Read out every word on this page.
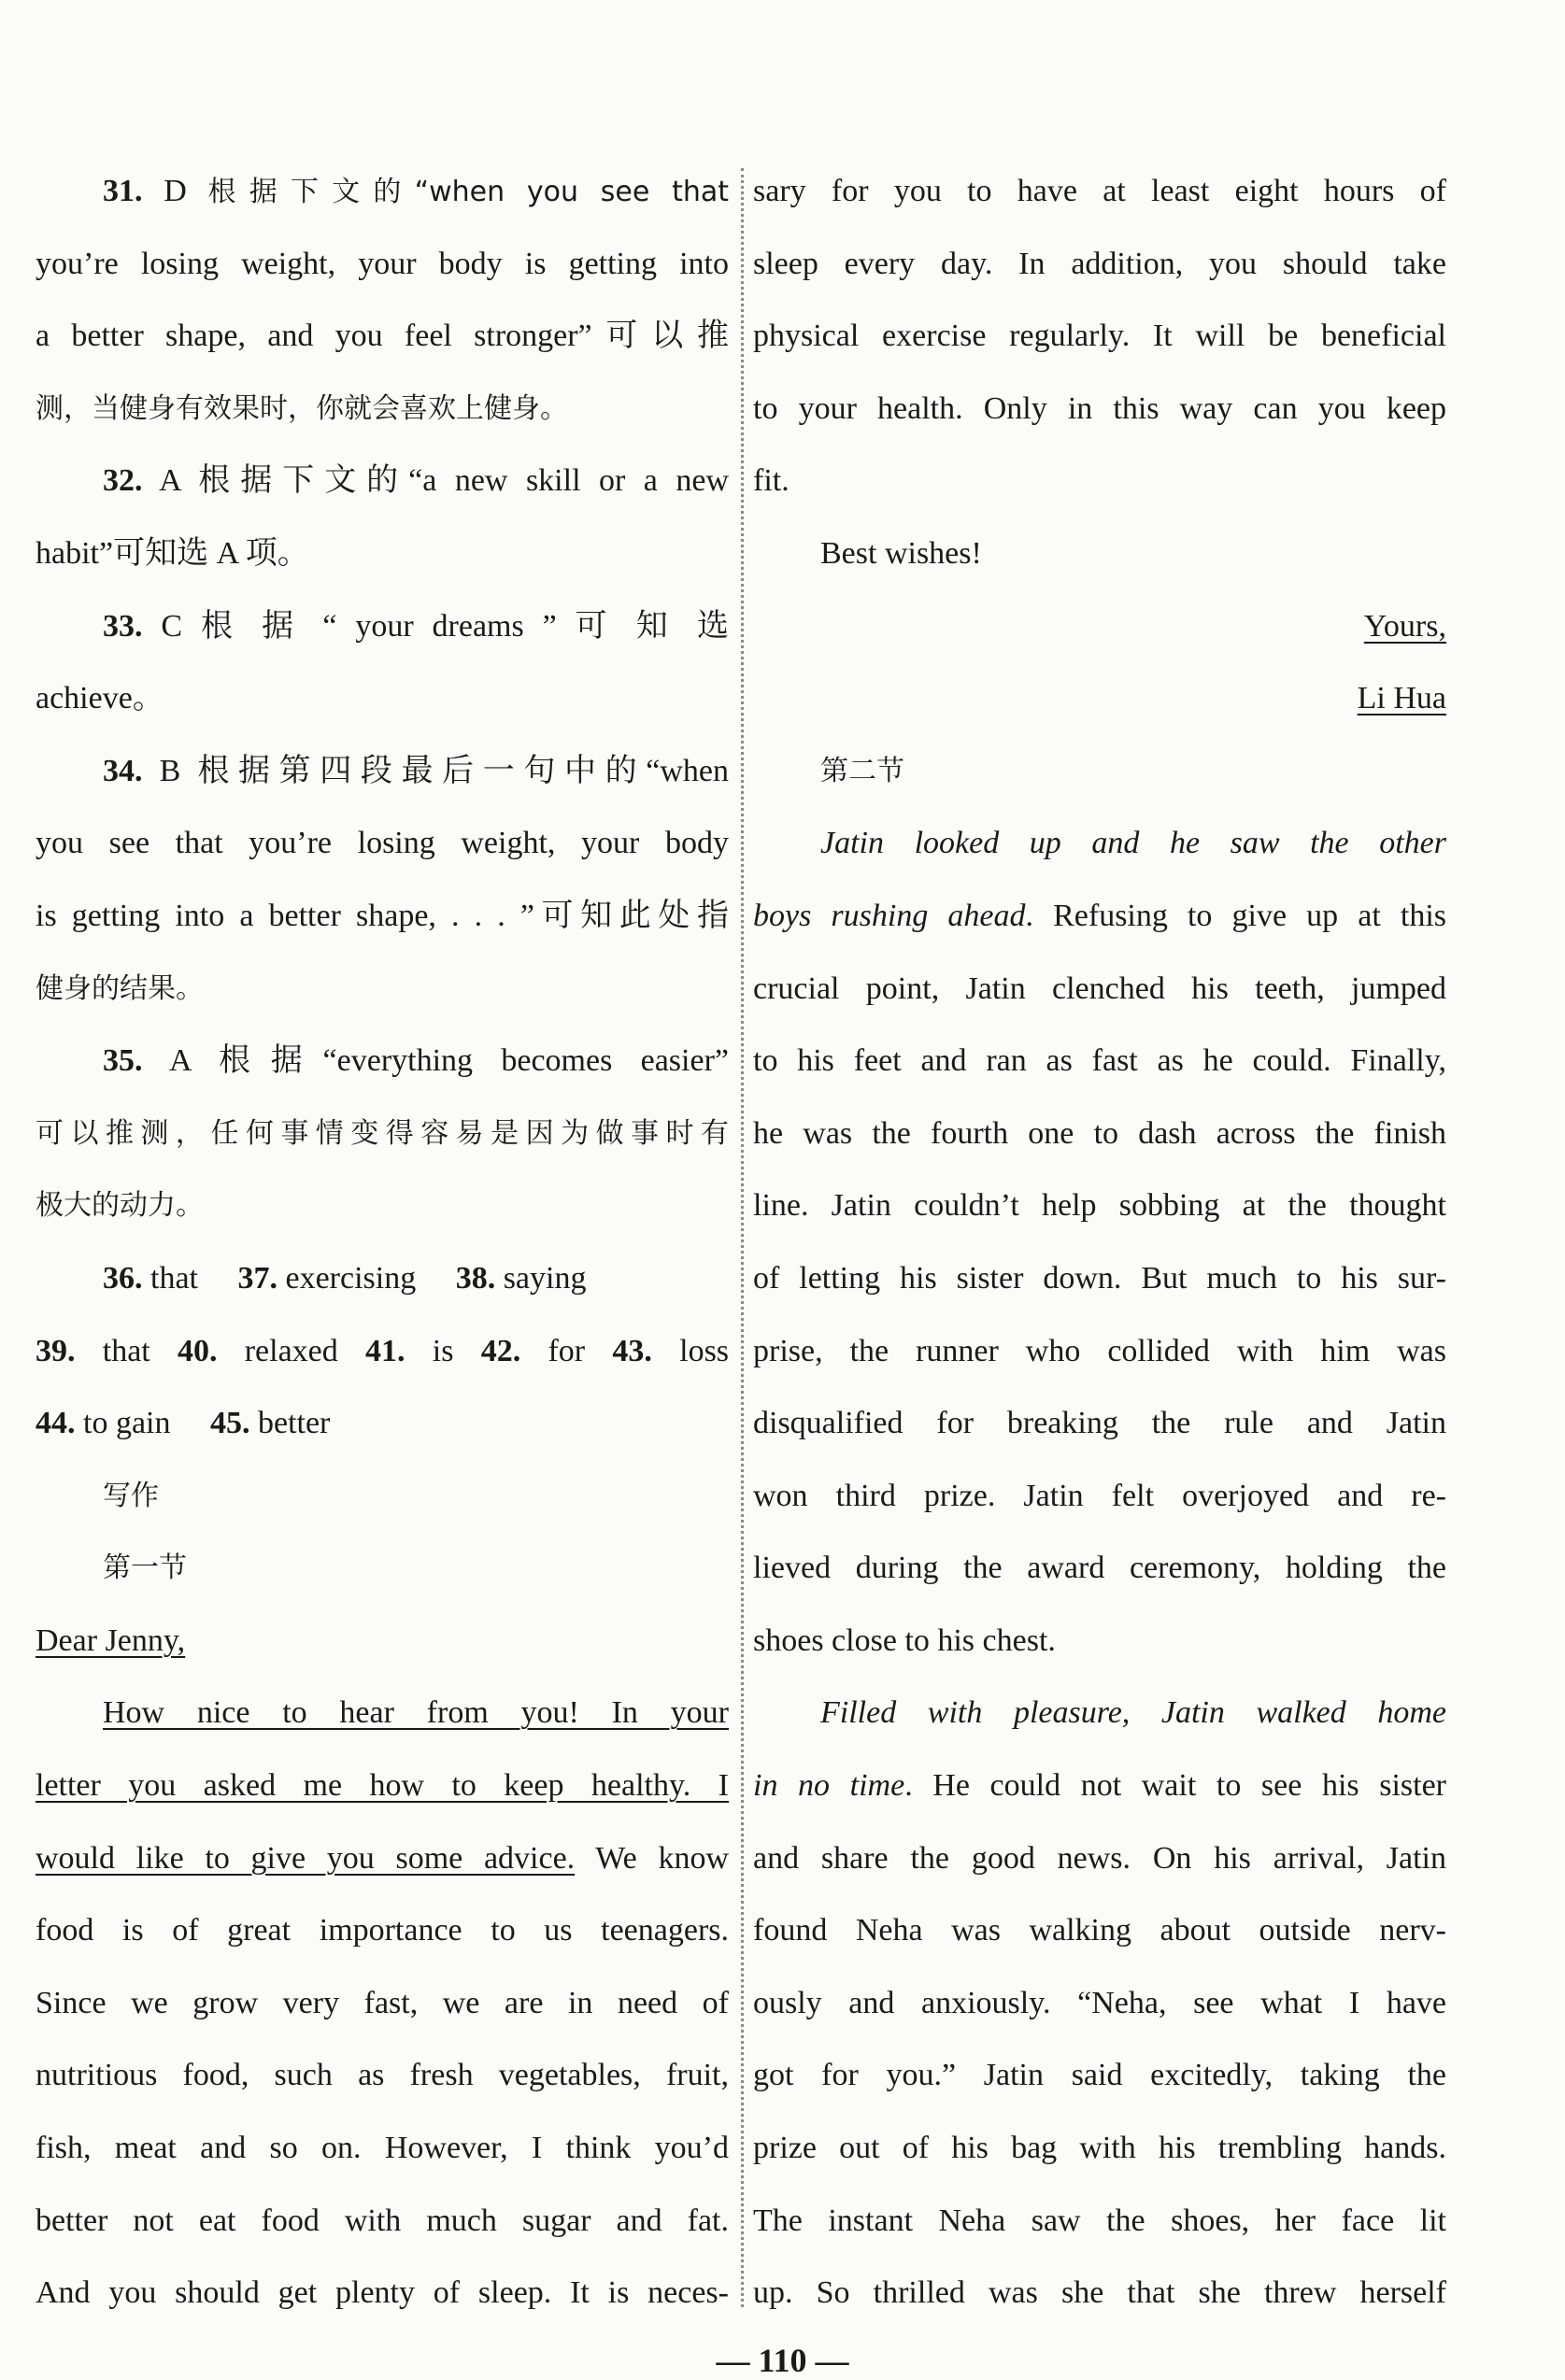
31. D 根据下文的“when you see that
you’re losing weight, your body is getting into
a better shape, and you feel stronger”可以推
测，当健身有效果时，你就会喜欢上健身。
32. A 根据下文的“a new skill or a new
habit”可知选 A 项。
33. C 根 据 “ your dreams ” 可 知 选
achieve。
34. B 根据第四段最后一句中的“when
you see that you’re losing weight, your body
is getting into a better shape, . . . ”可知此处指
健身的结果。
35. A 根据“everything becomes easier”
可以推测，任何事情变得容易是因为做事时有
极大的动力。
36. that 37. exercising 38. saying
39. that 40. relaxed 41. is 42. for 43. loss
44. to gain 45. better
写作
第一节
Dear Jenny,
How nice to hear from you! In your
letter you asked me how to keep healthy. I
would like to give you some advice. We know
food is of great importance to us teenagers.
Since we grow very fast, we are in need of
nutritious food, such as fresh vegetables, fruit,
fish, meat and so on. However, I think you’d
better not eat food with much sugar and fat.
And you should get plenty of sleep. It is neces-
sary for you to have at least eight hours of
sleep every day. In addition, you should take
physical exercise regularly. It will be beneficial
to your health. Only in this way can you keep
fit.
Best wishes!
Yours,
Li Hua
第二节
Jatin looked up and he saw the other
boys rushing ahead. Refusing to give up at this
crucial point, Jatin clenched his teeth, jumped
to his feet and ran as fast as he could. Finally,
he was the fourth one to dash across the finish
line. Jatin couldn’t help sobbing at the thought
of letting his sister down. But much to his sur-
prise, the runner who collided with him was
disqualified for breaking the rule and Jatin
won third prize. Jatin felt overjoyed and re-
lieved during the award ceremony, holding the
shoes close to his chest.
Filled with pleasure, Jatin walked home
in no time. He could not wait to see his sister
and share the good news. On his arrival, Jatin
found Neha was walking about outside nerv-
ously and anxiously. “Neha, see what I have
got for you.” Jatin said excitedly, taking the
prize out of his bag with his trembling hands.
The instant Neha saw the shoes, her face lit
up. So thrilled was she that she threw herself
— 110 —
